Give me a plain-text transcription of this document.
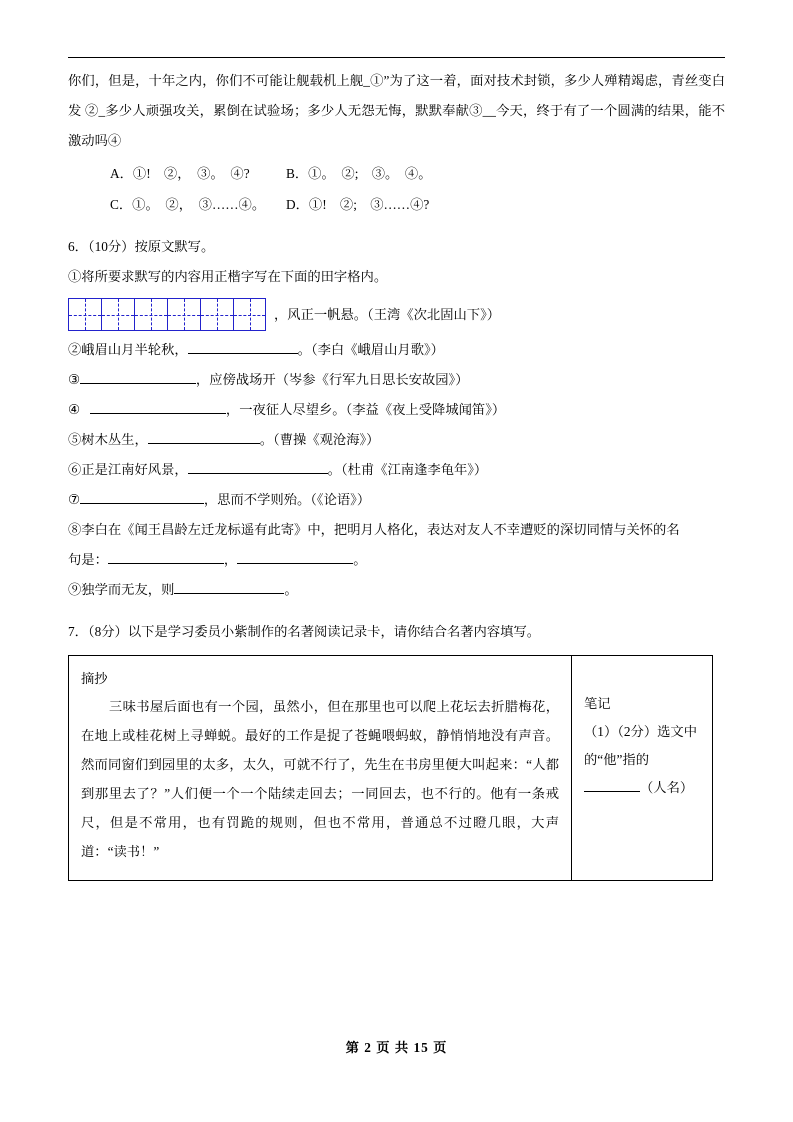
你们，但是，十年之内，你们不可能让舰载机上舰_①”为了这一着，面对技术封锁，多少人殚精竭虑，青丝变白发 ②_多少人顽强攻关，累倒在试验场；多少人无怨无悔，默默奉献③__今天，终于有了一个圆满的结果，能不激动吗④

A．①!　②，　③。　④?	B．①。　②;　③。　④。
C．①。　②，　③……④。	D．①!　②;　③……④?
6．（10分）按原文默写。
①将所要求默写的内容用正楷字写在下面的田字格内。
，风正一帆悬。（王湾《次北固山下》）
②峨眉山月半轮秋，	。（李白《峨眉山月歌》）
③	，应傍战场开（岑参《行军九日思长安故园》）
④	，一夜征人尽望乡。（李益《夜上受降城闻笛》）
⑤树木丛生，	。（曹操《观沧海》）
⑥正是江南好风景，	。（杜甫《江南逢李龟年》）
⑦	，思而不学则殆。（《论语》）
⑧李白在《闻王昌龄左迁龙标遥有此寄》中，把明月人格化，表达对友人不幸遭贬的深切同情与关怀的名
句是：	，	。
⑨独学而无友，则	。
7．（8分）以下是学习委员小紫制作的名著阅读记录卡，请你结合名著内容填写。
摘抄
三味书屋后面也有一个园，虽然小，但在那里也可以爬上花坛去折腊梅花，在地上或桂花树上寻蝉蜕。最好的工作是捉了苍蝇喂蚂蚁，静悄悄地没有声音。然而同窗们到园里的太多，太久，可就不行了，先生在书房里便大叫起来：“人都到那里去了？”人们便一个一个陆续走回去；一同回去，也不行的。他有一条戒尺，但是不常用，也有罚跪的规则，但也不常用，普通总不过瞪几眼，大声道：“读书！”
笔记
（1）（2分）选文中的“他”指的（人名）
第 2 页 共 15 页
